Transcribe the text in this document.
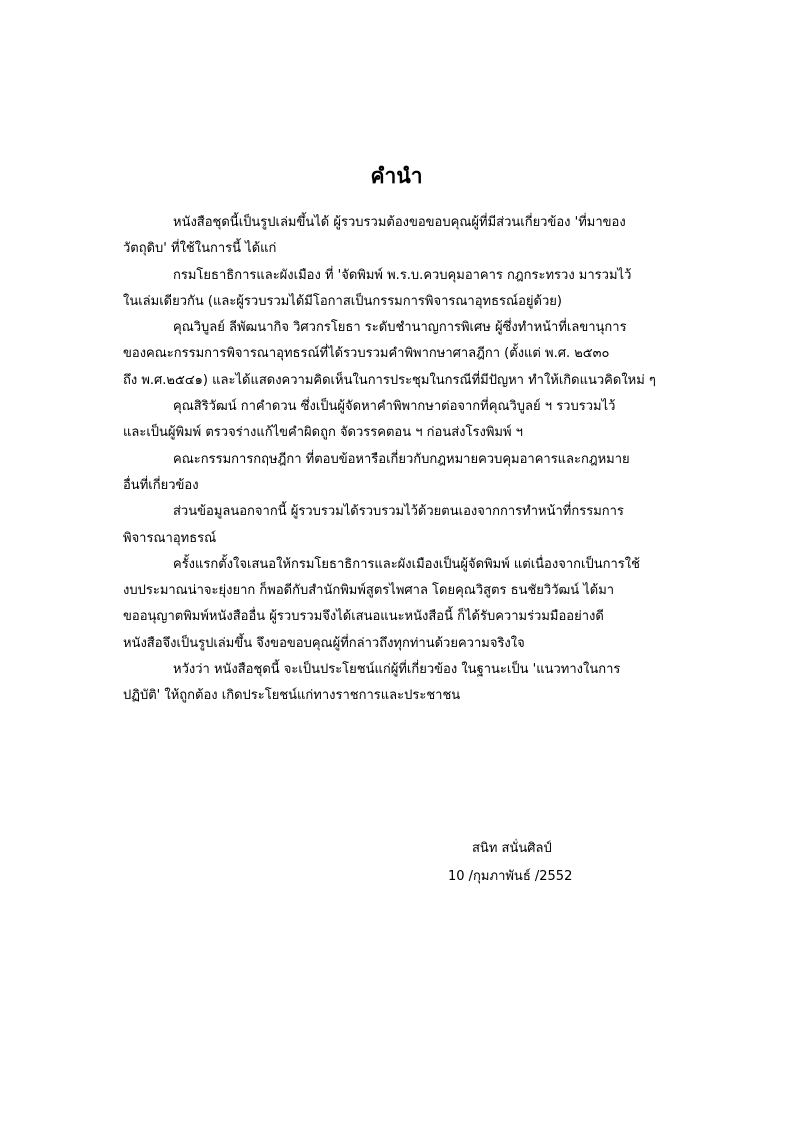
คำนำ
หนังสือชุดนี้เป็นรูปเล่มขึ้นได้ ผู้รวบรวมต้องขอขอบคุณผู้ที่มีส่วนเกี่ยวข้อง 'ที่มาของ
วัตถุดิบ' ที่ใช้ในการนี้ ได้แก่
กรมโยธาธิการและผังเมือง ที่ 'จัดพิมพ์ พ.ร.บ.ควบคุมอาคาร กฎกระทรวง มารวมไว้
ในเล่มเดียวกัน (และผู้รวบรวมได้มีโอกาสเป็นกรรมการพิจารณาอุทธรณ์อยู่ด้วย)
คุณวิบูลย์ ลีพัฒนากิจ วิศวกรโยธา ระดับชำนาญการพิเศษ ผู้ซึ่งทำหน้าที่เลขานุการ
ของคณะกรรมการพิจารณาอุทธรณ์ที่ได้รวบรวมคำพิพากษาศาลฎีกา (ตั้งแต่ พ.ศ. ๒๕๓๐
ถึง พ.ศ.๒๕๔๑) และได้แสดงความคิดเห็นในการประชุมในกรณีที่มีปัญหา ทำให้เกิดแนวคิดใหม่ ๆ
คุณสิริวัฒน์ กาคำดวน ซึ่งเป็นผู้จัดหาคำพิพากษาต่อจากที่คุณวิบูลย์ ฯ รวบรวมไว้
และเป็นผู้พิมพ์ ตรวจร่างแก้ไขคำผิดถูก จัดวรรคตอน ฯ ก่อนส่งโรงพิมพ์ ฯ
คณะกรรมการกฤษฎีกา ที่ตอบข้อหารือเกี่ยวกับกฎหมายควบคุมอาคารและกฎหมาย
อื่นที่เกี่ยวข้อง
ส่วนข้อมูลนอกจากนี้ ผู้รวบรวมได้รวบรวมไว้ด้วยตนเองจากการทำหน้าที่กรรมการ
พิจารณาอุทธรณ์
ครั้งแรกตั้งใจเสนอให้กรมโยธาธิการและผังเมืองเป็นผู้จัดพิมพ์ แต่เนื่องจากเป็นการใช้
งบประมาณน่าจะยุ่งยาก ก็พอดีกับสำนักพิมพ์สูตรไพศาล โดยคุณวิสูตร ธนชัยวิวัฒน์ ได้มา
ขออนุญาตพิมพ์หนังสืออื่น ผู้รวบรวมจึงได้เสนอแนะหนังสือนี้ ก็ได้รับความร่วมมืออย่างดี
หนังสือจึงเป็นรูปเล่มขึ้น จึงขอขอบคุณผู้ที่กล่าวถึงทุกท่านด้วยความจริงใจ
หวังว่า หนังสือชุดนี้ จะเป็นประโยชน์แก่ผู้ที่เกี่ยวข้อง ในฐานะเป็น 'แนวทางในการ
ปฏิบัติ' ให้ถูกต้อง เกิดประโยชน์แก่ทางราชการและประชาชน
สนิท สนั่นศิลป์
10 /กุมภาพันธ์ /2552
